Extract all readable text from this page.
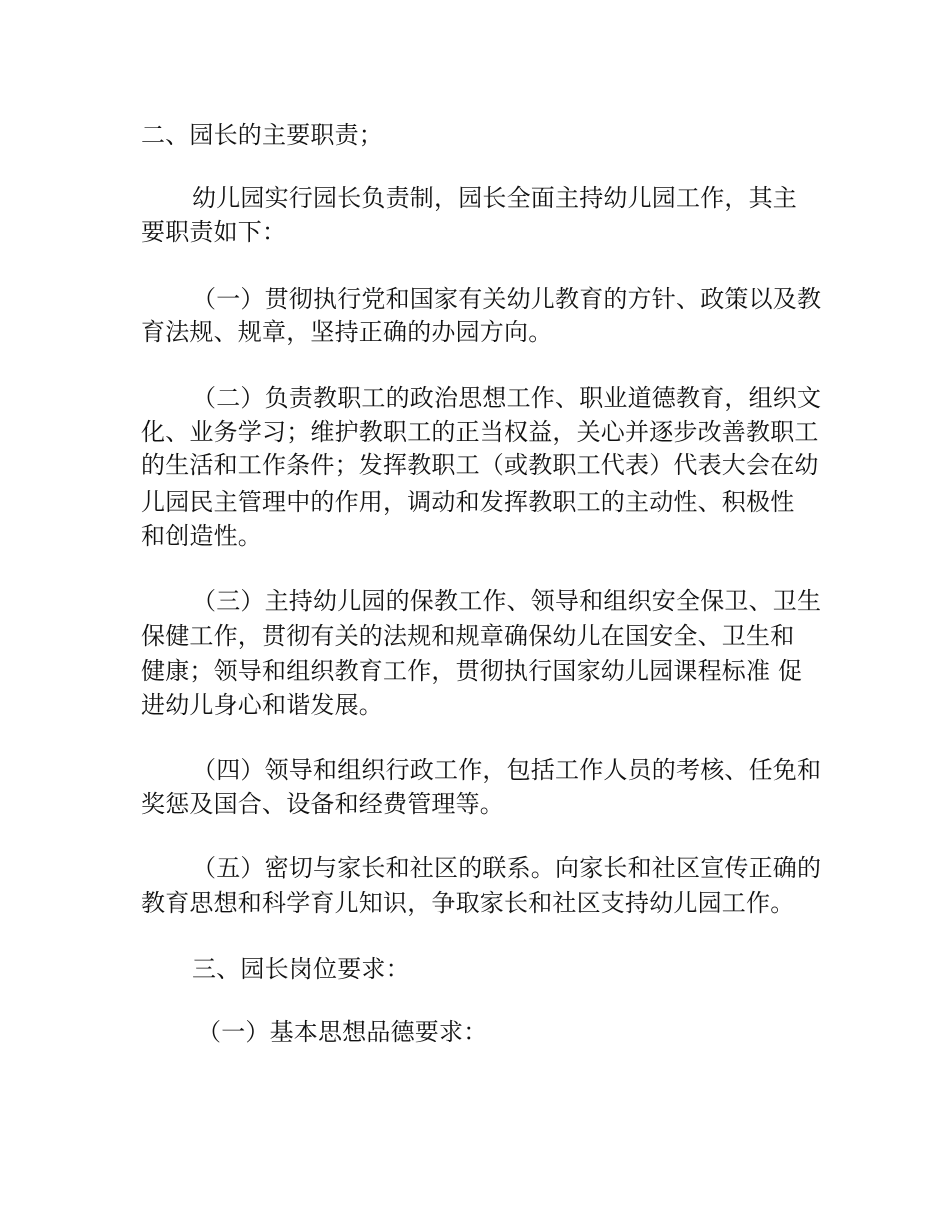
二、园长的主要职责；

幼儿园实行园长负责制，园长全面主持幼儿园工作，其主

要职责如下：

（一）贯彻执行党和国家有关幼儿教育的方针、政策以及教

育法规、规章，坚持正确的办园方向。

（二）负责教职工的政治思想工作、职业道德教育，组织文

化、业务学习；维护教职工的正当权益，关心并逐步改善教职工

的生活和工作条件；发挥教职工（或教职工代表）代表大会在幼

儿园民主管理中的作用，调动和发挥教职工的主动性、积极性

和创造性。

（三）主持幼儿园的保教工作、领导和组织安全保卫、卫生

保健工作，贯彻有关的法规和规章确保幼儿在国安全、卫生和

健康；领导和组织教育工作，贯彻执行国家幼儿园课程标准 促

进幼儿身心和谐发展。

（四）领导和组织行政工作，包括工作人员的考核、任免和

奖惩及国合、设备和经费管理等。

（五）密切与家长和社区的联系。向家长和社区宣传正确的

教育思想和科学育儿知识，争取家长和社区支持幼儿园工作。

三、园长岗位要求：

（一）基本思想品德要求：
